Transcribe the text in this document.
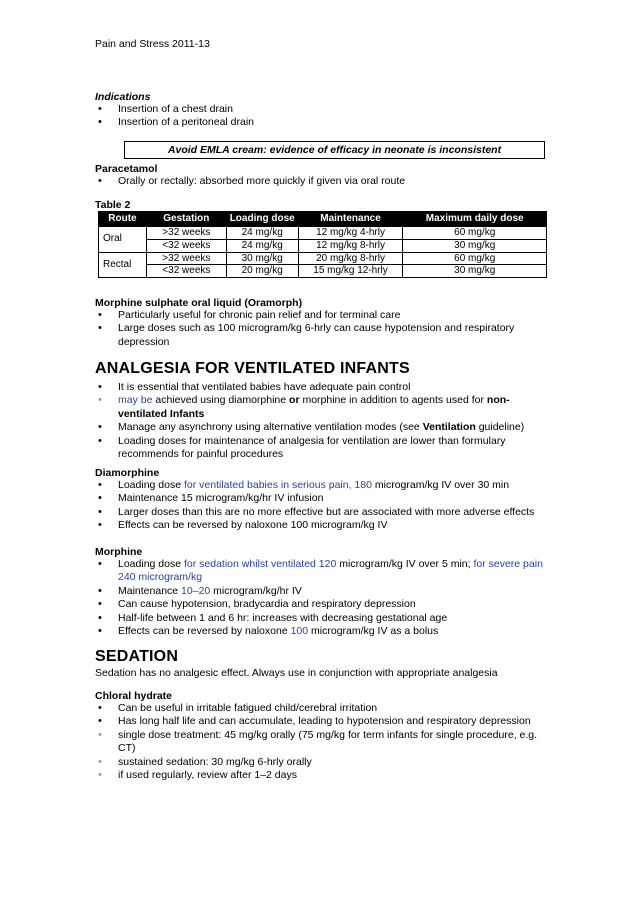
Pain and Stress 2011-13
Indications
• Insertion of a chest drain
• Insertion of a peritoneal drain
Avoid EMLA cream: evidence of efficacy in neonate is inconsistent
Paracetamol
• Orally or rectally: absorbed more quickly if given via oral route
Table 2
Route	Gestation	Loading dose	Maintenance	Maximum daily dose
Oral	>32 weeks	24 mg/kg	12 mg/kg 4-hrly	60 mg/kg
	<32 weeks	24 mg/kg	12 mg/kg 8-hrly	30 mg/kg
Rectal	>32 weeks	30 mg/kg	20 mg/kg 8-hrly	60 mg/kg
	<32 weeks	20 mg/kg	15 mg/kg 12-hrly	30 mg/kg
Morphine sulphate oral liquid (Oramorph)
• Particularly useful for chronic pain relief and for terminal care
• Large doses such as 100 microgram/kg 6-hrly can cause hypotension and respiratory depression
ANALGESIA FOR VENTILATED INFANTS
• It is essential that ventilated babies have adequate pain control
• may be achieved using diamorphine or morphine in addition to agents used for non-ventilated Infants
• Manage any asynchrony using alternative ventilation modes (see Ventilation guideline)
• Loading doses for maintenance of analgesia for ventilation are lower than formulary recommends for painful procedures
Diamorphine
• Loading dose for ventilated babies in serious pain, 180 microgram/kg IV over 30 min
• Maintenance 15 microgram/kg/hr IV infusion
• Larger doses than this are no more effective but are associated with more adverse effects
• Effects can be reversed by naloxone 100 microgram/kg IV
Morphine
• Loading dose for sedation whilst ventilated 120 microgram/kg IV over 5 min; for severe pain 240 microgram/kg
• Maintenance 10–20 microgram/kg/hr IV
• Can cause hypotension, bradycardia and respiratory depression
• Half-life between 1 and 6 hr: increases with decreasing gestational age
• Effects can be reversed by naloxone 100 microgram/kg IV as a bolus
SEDATION
Sedation has no analgesic effect. Always use in conjunction with appropriate analgesia
Chloral hydrate
• Can be useful in irritable fatigued child/cerebral irritation
• Has long half life and can accumulate, leading to hypotension and respiratory depression
• single dose treatment: 45 mg/kg orally (75 mg/kg for term infants for single procedure, e.g. CT)
• sustained sedation: 30 mg/kg 6-hrly orally
• if used regularly, review after 1–2 days
